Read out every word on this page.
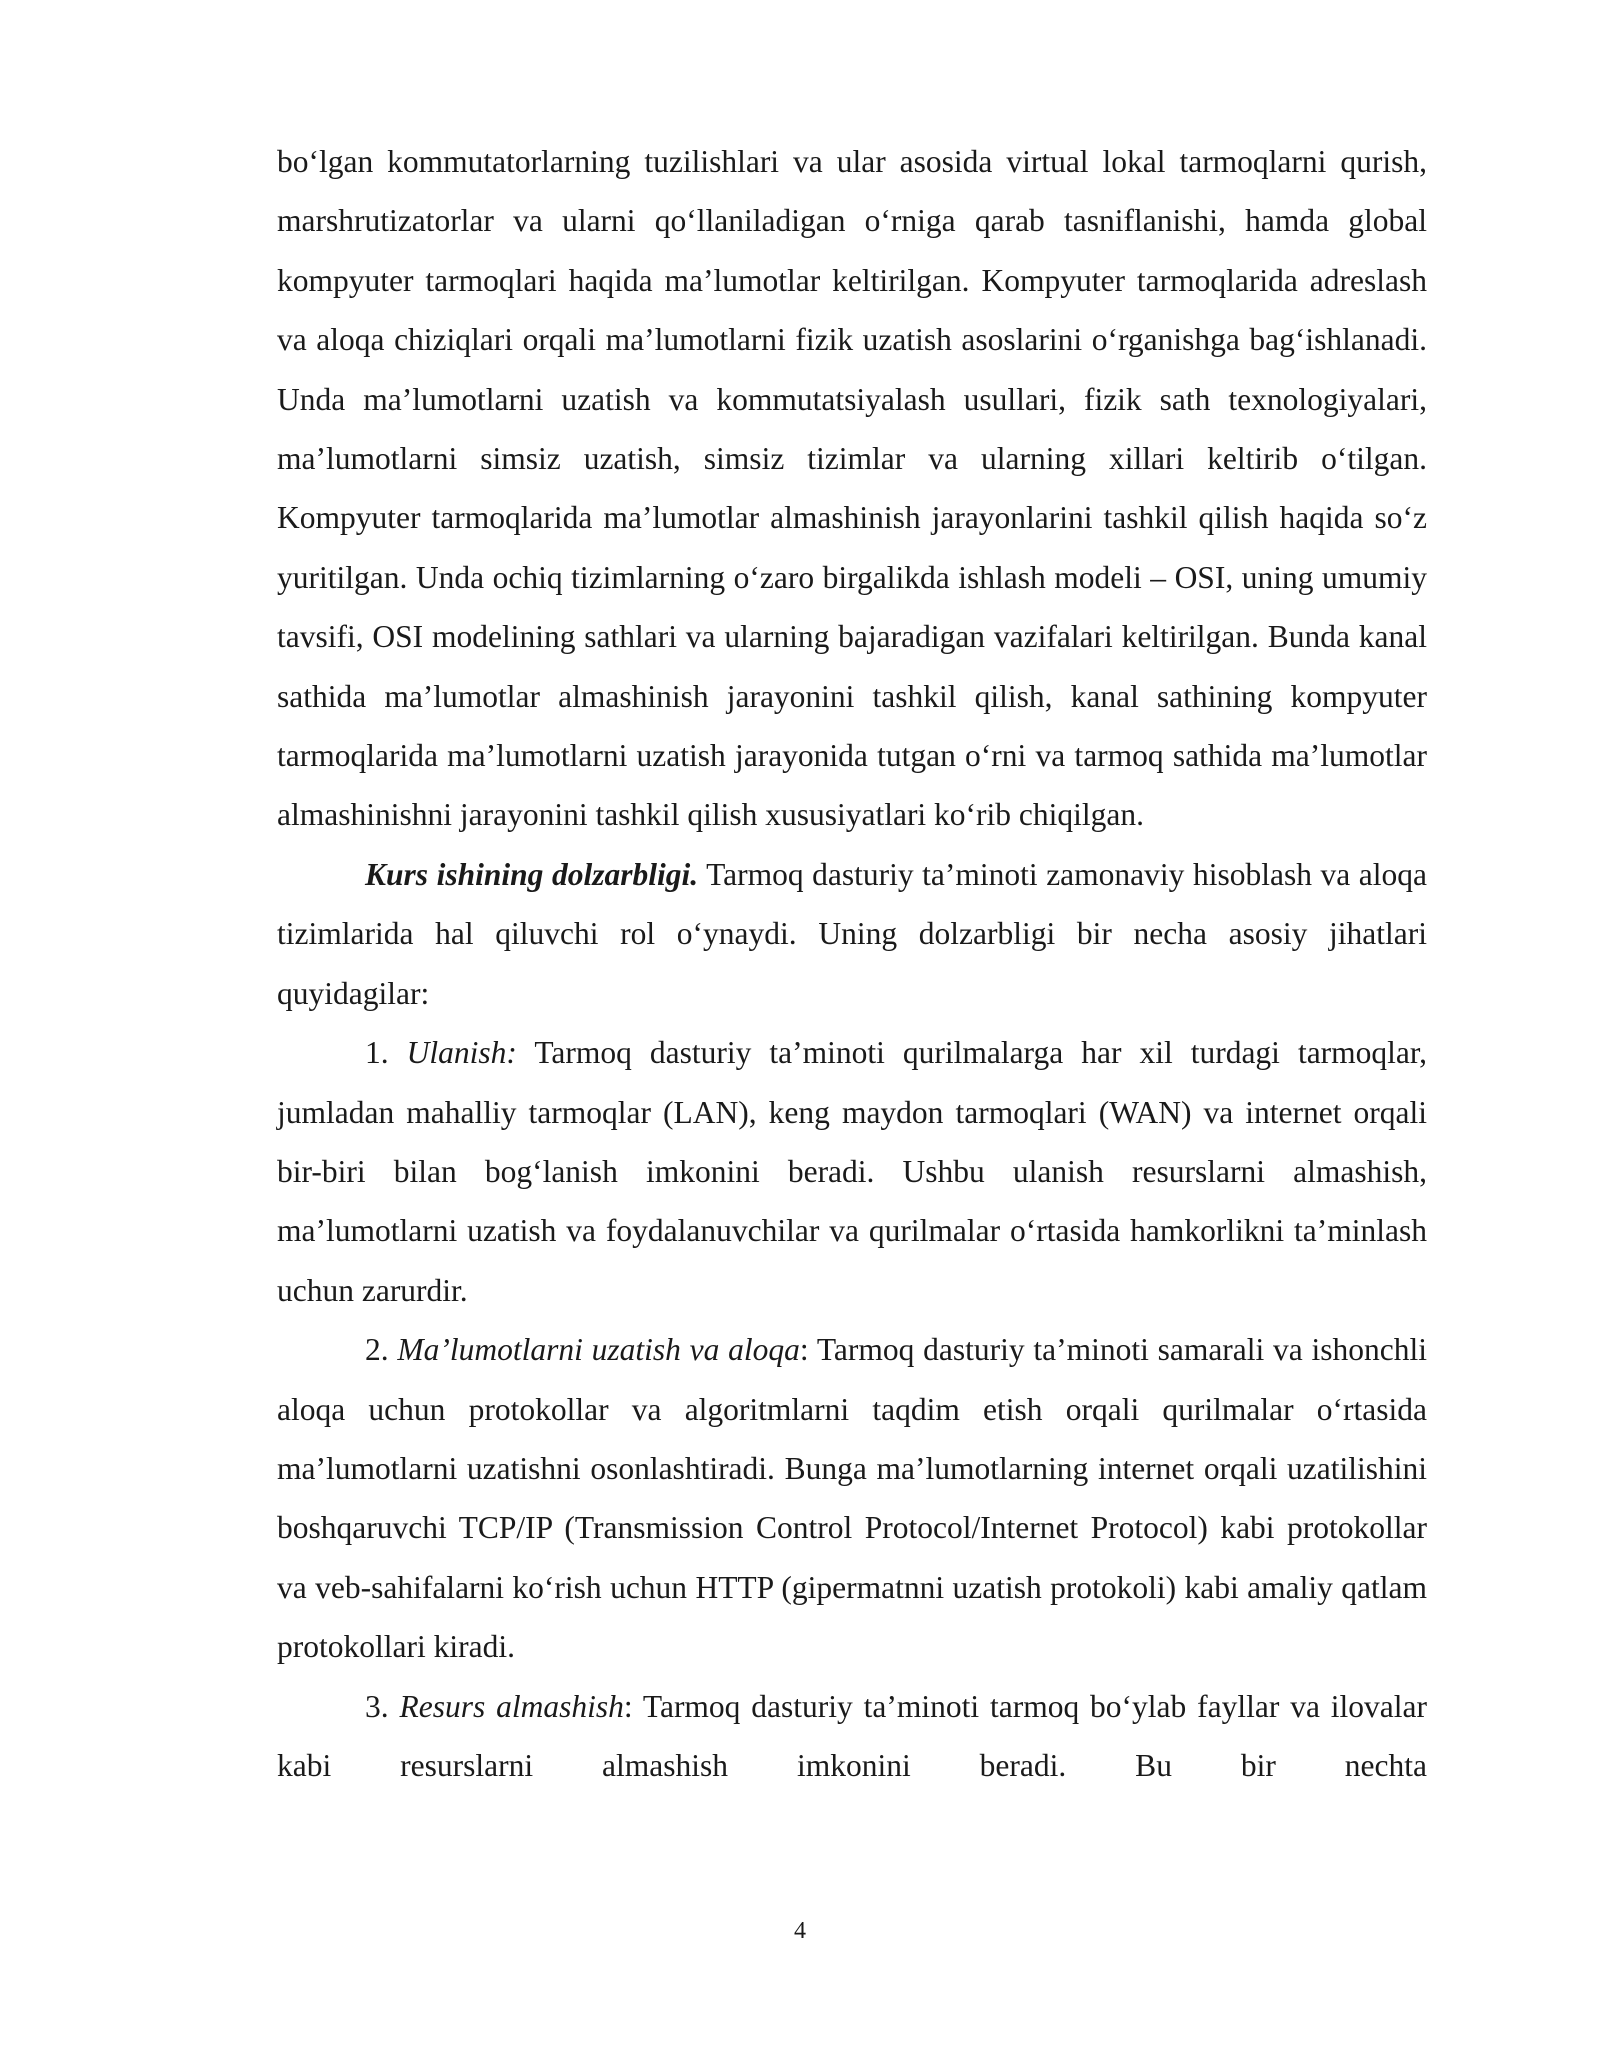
bo‘lgan kommutatorlarning tuzilishlari va ular asosida virtual lokal tarmoqlarni qurish, marshrutizatorlar va ularni qo‘llaniladigan o‘rniga qarab tasniflanishi, hamda global kompyuter tarmoqlari haqida ma’lumotlar keltirilgan. Kompyuter tarmoqlarida adreslash va aloqa chiziqlari orqali ma’lumotlarni fizik uzatish asoslarini o‘rganishga bag‘ishlanadi. Unda ma’lumotlarni uzatish va kommutatsiyalash usullari, fizik sath texnologiyalari, ma’lumotlarni simsiz uzatish, simsiz tizimlar va ularning xillari keltirib o‘tilgan. Kompyuter tarmoqlarida ma’lumotlar almashinish jarayonlarini tashkil qilish haqida so‘z yuritilgan. Unda ochiq tizimlarning o‘zaro birgalikda ishlash modeli – OSI, uning umumiy tavsifi, OSI modelining sathlari va ularning bajaradigan vazifalari keltirilgan. Bunda kanal sathida ma’lumotlar almashinish jarayonini tashkil qilish, kanal sathining kompyuter tarmoqlarida ma’lumotlarni uzatish jarayonida tutgan o‘rni va tarmoq sathida ma’lumotlar almashinishni jarayonini tashkil qilish xususiyatlari ko‘rib chiqilgan.

Kurs ishining dolzarbligi. Tarmoq dasturiy ta’minoti zamonaviy hisoblash va aloqa tizimlarida hal qiluvchi rol o‘ynaydi. Uning dolzarbligi bir necha asosiy jihatlari quyidagilar:

1. Ulanish: Tarmoq dasturiy ta’minoti qurilmalarga har xil turdagi tarmoqlar, jumladan mahalliy tarmoqlar (LAN), keng maydon tarmoqlari (WAN) va internet orqali bir-biri bilan bog‘lanish imkonini beradi. Ushbu ulanish resurslarni almashish, ma’lumotlarni uzatish va foydalanuvchilar va qurilmalar o‘rtasida hamkorlikni ta’minlash uchun zarurdir.

2. Ma’lumotlarni uzatish va aloqa: Tarmoq dasturiy ta’minoti samarali va ishonchli aloqa uchun protokollar va algoritmlarni taqdim etish orqali qurilmalar o‘rtasida ma’lumotlarni uzatishni osonlashtiradi. Bunga ma’lumotlarning internet orqali uzatilishini boshqaruvchi TCP/IP (Transmission Control Protocol/Internet Protocol) kabi protokollar va veb-sahifalarni ko‘rish uchun HTTP (gipermatnni uzatish protokoli) kabi amaliy qatlam protokollari kiradi.

3. Resurs almashish: Tarmoq dasturiy ta’minoti tarmoq bo‘ylab fayllar va ilovalar kabi resurslarni almashish imkonini beradi. Bu bir nechta

4
